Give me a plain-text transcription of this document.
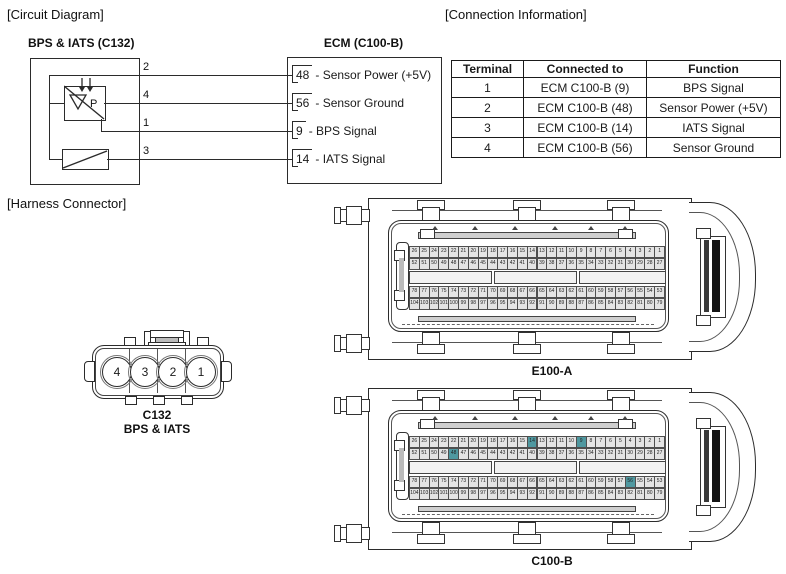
[Circuit Diagram]	[Connection Information]
[Harness Connector]
BPS & IATS (C132)	ECM (C100-B)
2
4
1
3
P
48 - Sensor Power (+5V)
56 - Sensor Ground
9 - BPS Signal
14 - IATS Signal
Terminal	Connected to	Function
1	ECM C100-B (9)	BPS Signal
2	ECM C100-B (48)	Sensor Power (+5V)
3	ECM C100-B (14)	IATS Signal
4	ECM C100-B (56)	Sensor Ground
4 3 2 1
C132
BPS & IATS
26 25 24 23 22 21 20 19 18 17 16 15 14 13 12 11 10	9	8	7	6	5	4	3	2	1
52 51 50 49 48 47 46 45 44 43 42 41 40 39 38 37 36 35 34 33 32 31 30 29 28 27
78 77 76 75 74 73 72 71 70 69 68 67 66 65 64 63 62 61 60 59 58 57 56 55 54 53
104 103 102 101 100 99 98 97 96 95 94 93 92 91 90 89 88 87 86 85 84 83 82 81 80 79
E100-A
26 25 24 23 22 21 20 19 18 17 16 15 14 13 12 11 10	9	8	7	6	5	4	3	2	1
52 51 50 49 48 47 46 45 44 43 42 41 40 39 38 37 36 35 34 33 32 31 30 29 28 27
78 77 76 75 74 73 72 71 70 69 68 67 66 65 64 63 62 61 60 59 58 57 56 55 54 53
104 103 102 101 100 99 98 97 96 95 94 93 92 91 90 89 88 87 86 85 84 83 82 81 80 79
C100-B
